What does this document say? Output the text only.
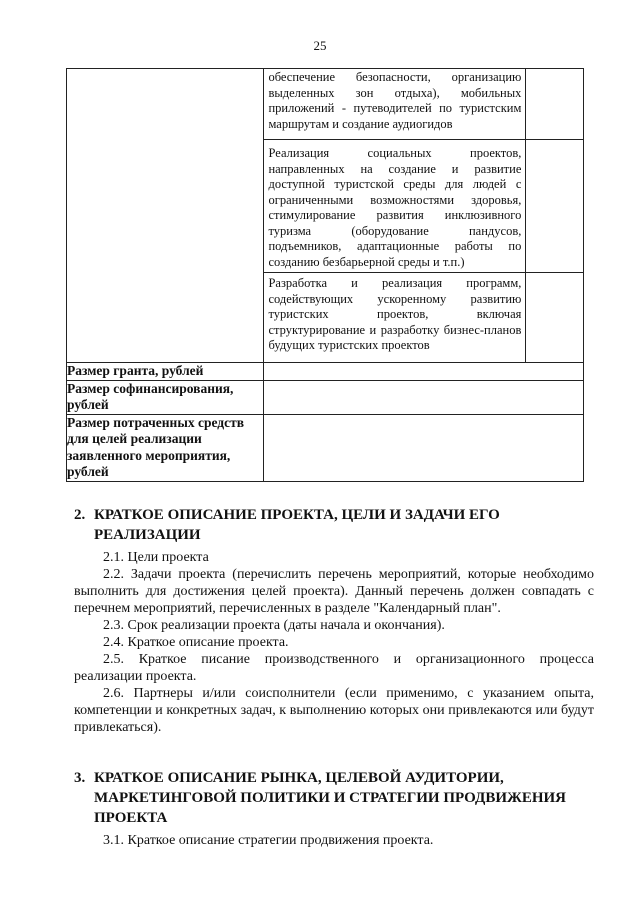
25

	обеспечение безопасности, организацию выделенных зон отдыха), мобильных приложений - путеводителей по туристским маршрутам и создание аудиогидов	

	Реализация социальных проектов, направленных на создание и развитие доступной туристской среды для людей с ограниченными возможностями здоровья, стимулирование развития инклюзивного туризма (оборудование пандусов, подъемников, адаптационные работы по созданию безбарьерной среды и т.п.)	

	Разработка и реализация программ, содействующих ускоренному развитию туристских проектов, включая структурирование и разработку бизнес-планов будущих туристских проектов	

Размер гранта, рублей		
Размер софинансирования, рублей		
Размер потраченных средств для целей реализации заявленного мероприятия, рублей		
2. КРАТКОЕ ОПИСАНИЕ ПРОЕКТА, ЦЕЛИ И ЗАДАЧИ ЕГО
РЕАЛИЗАЦИИ

2.1. Цели проекта

2.2. Задачи проекта (перечислить перечень мероприятий, которые необходимо выполнить для достижения целей проекта). Данный перечень должен совпадать с перечнем мероприятий, перечисленных в разделе "Календарный план".

2.3. Срок реализации проекта (даты начала и окончания).

2.4. Краткое описание проекта.

2.5. Краткое писание производственного и организационного процесса реализации проекта.

2.6. Партнеры и/или соисполнители (если применимо, с указанием опыта, компетенции и конкретных задач, к выполнению которых они привлекаются или будут привлекаться).

3. КРАТКОЕ ОПИСАНИЕ РЫНКА, ЦЕЛЕВОЙ АУДИТОРИИ,
МАРКЕТИНГОВОЙ ПОЛИТИКИ И СТРАТЕГИИ ПРОДВИЖЕНИЯ
ПРОЕКТА

3.1. Краткое описание стратегии продвижения проекта.
